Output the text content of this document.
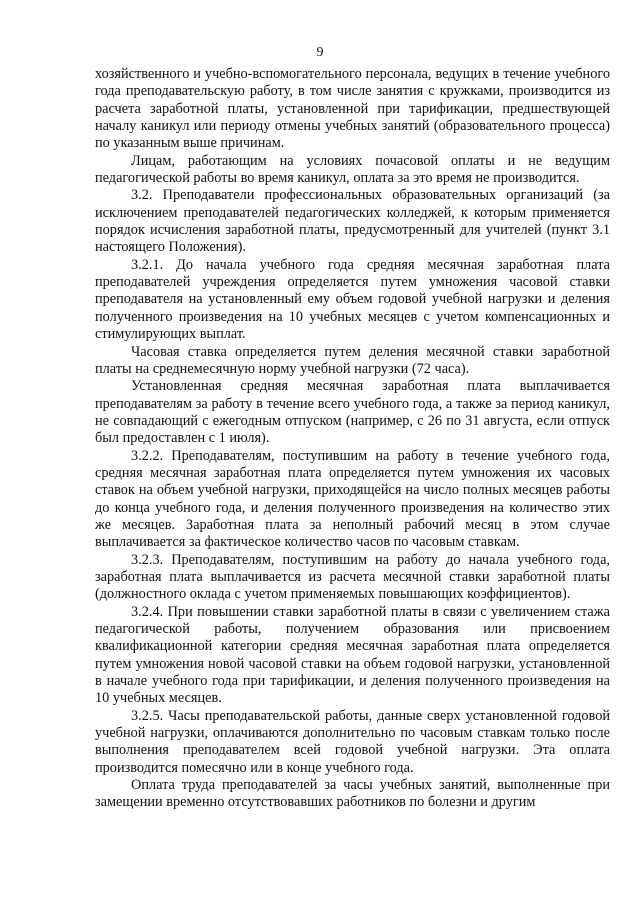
9

хозяйственного и учебно-вспомогательного персонала, ведущих в течение учебного года преподавательскую работу, в том числе занятия с кружками, производится из расчета заработной платы, установленной при тарификации, предшествующей началу каникул или периоду отмены учебных занятий (образовательного процесса) по указанным выше причинам.

Лицам, работающим на условиях почасовой оплаты и не ведущим педагогической работы во время каникул, оплата за это время не производится.

3.2. Преподаватели профессиональных образовательных организаций (за исключением преподавателей педагогических колледжей, к которым применяется порядок исчисления заработной платы, предусмотренный для учителей (пункт 3.1 настоящего Положения).

3.2.1. До начала учебного года средняя месячная заработная плата преподавателей учреждения определяется путем умножения часовой ставки преподавателя на установленный ему объем годовой учебной нагрузки и деления полученного произведения на 10 учебных месяцев с учетом компенсационных и стимулирующих выплат.

Часовая ставка определяется путем деления месячной ставки заработной платы на среднемесячную норму учебной нагрузки (72 часа).

Установленная средняя месячная заработная плата выплачивается преподавателям за работу в течение всего учебного года, а также за период каникул, не совпадающий с ежегодным отпуском (например, с 26 по 31 августа, если отпуск был предоставлен с 1 июля).

3.2.2. Преподавателям, поступившим на работу в течение учебного года, средняя месячная заработная плата определяется путем умножения их часовых ставок на объем учебной нагрузки, приходящейся на число полных месяцев работы до конца учебного года, и деления полученного произведения на количество этих же месяцев. Заработная плата за неполный рабочий месяц в этом случае выплачивается за фактическое количество часов по часовым ставкам.

3.2.3. Преподавателям, поступившим на работу до начала учебного года, заработная плата выплачивается из расчета месячной ставки заработной платы (должностного оклада с учетом применяемых повышающих коэффициентов).

3.2.4. При повышении ставки заработной платы в связи с увеличением стажа педагогической работы, получением образования или присвоением квалификационной категории средняя месячная заработная плата определяется путем умножения новой часовой ставки на объем годовой нагрузки, установленной в начале учебного года при тарификации, и деления полученного произведения на 10 учебных месяцев.

3.2.5. Часы преподавательской работы, данные сверх установленной годовой учебной нагрузки, оплачиваются дополнительно по часовым ставкам только после выполнения преподавателем всей годовой учебной нагрузки. Эта оплата производится помесячно или в конце учебного года.

Оплата труда преподавателей за часы учебных занятий, выполненные при замещении временно отсутствовавших работников по болезни и другим
